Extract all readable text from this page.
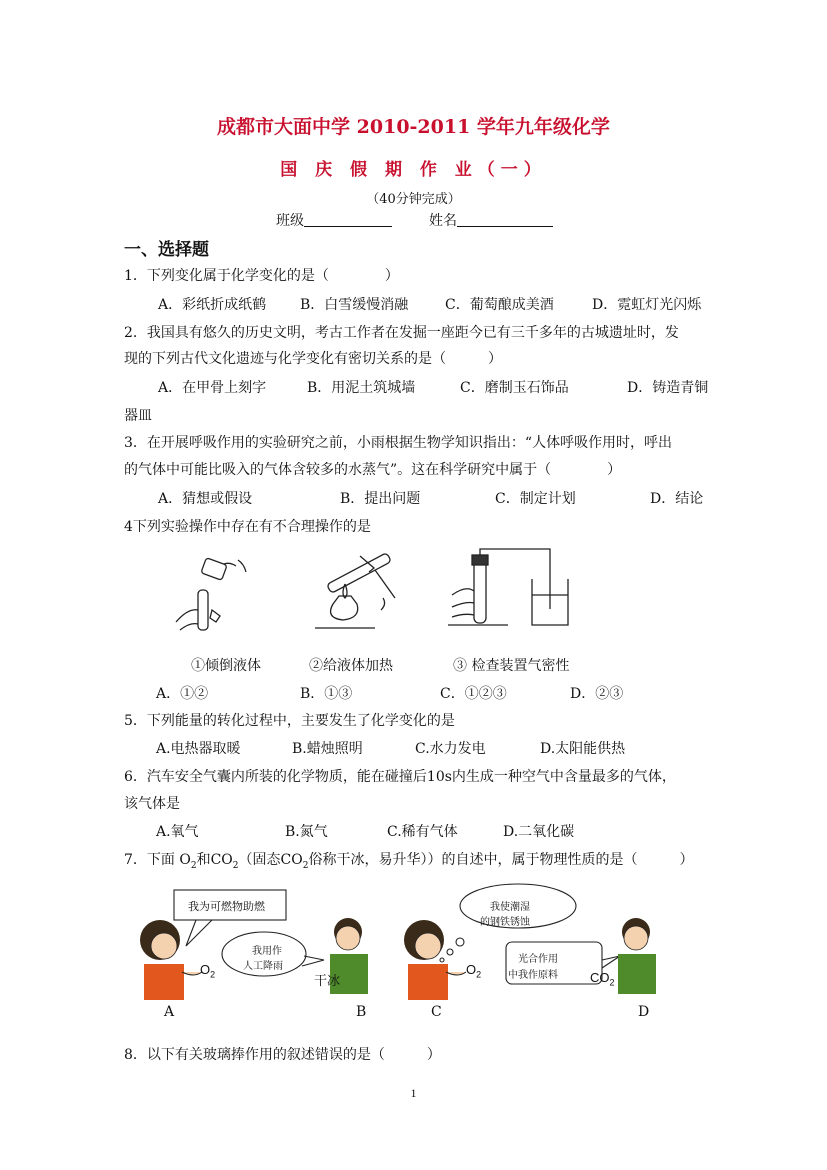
成都市大面中学 2010-2011 学年九年级化学
国 庆 假 期 作 业（一）
（40分钟完成）
班级	姓名
一、选择题
1．下列变化属于化学变化的是（　　　　）
A．彩纸折成纸鹤 B．白雪缓慢消融	C．葡萄酿成美酒	D．霓虹灯光闪烁
2．我国具有悠久的历史文明，考古工作者在发掘一座距今已有三千多年的古城遗址时，发
现的下列古代文化遗迹与化学变化有密切关系的是（　　　）
A．在甲骨上刻字	B．用泥土筑城墙	C．磨制玉石饰品	D．铸造青铜
器皿
3．在开展呼吸作用的实验研究之前，小雨根据生物学知识指出：“人体呼吸作用时，呼出
的气体中可能比吸入的气体含较多的水蒸气”。这在科学研究中属于（　　　　）
A．猜想或假设	B．提出问题	C．制定计划	D．结论
4下列实验操作中存在有不合理操作的是
①倾倒液体	②给液体加热	③ 检查装置气密性
A．①②	B．①③	C．①②③	D．②③
5．下列能量的转化过程中，主要发生了化学变化的是
A.电热器取暖	B.蜡烛照明	C.水力发电	D.太阳能供热
6．汽车安全气囊内所装的化学物质，能在碰撞后10s内生成一种空气中含量最多的气体，
该气体是
A.氧气	B.氮气	C.稀有气体	D.二氧化碳
7．下面 $O_2$和$CO_2$（固态$CO_2$俗称干冰，易升华））的自述中，属于物理性质的是（　　　）
我为可燃物助燃
我用作
人工降雨
我使潮湿
的钢铁锈蚀
光合作用
中我作原料
$O_2$	干冰
$O_2$	$CO_2$
A	B	C	D
8．以下有关玻璃捧作用的叙述错误的是（　　　）
1
